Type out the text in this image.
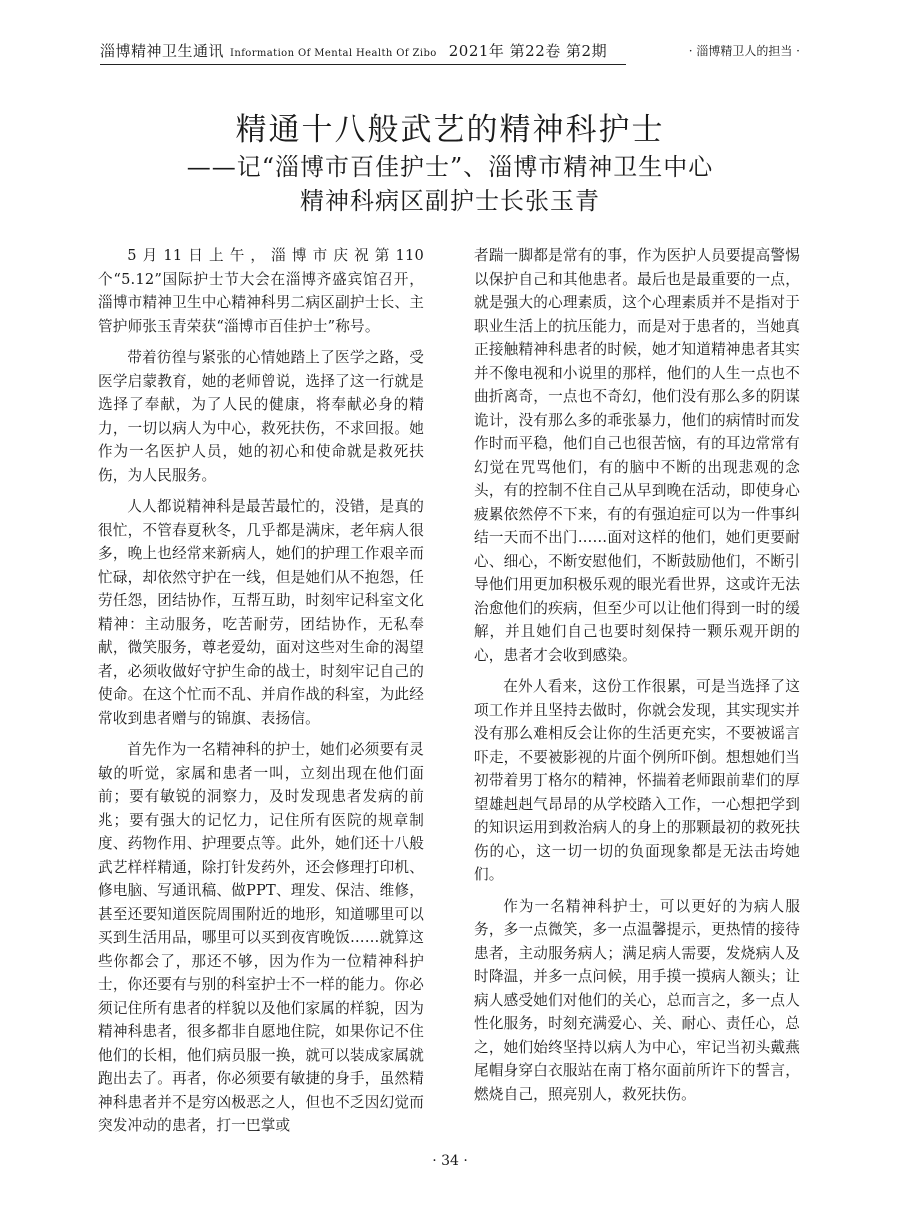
淄博精神卫生通讯 Information Of Mental Health Of Zibo 2021年 第22卷 第2期	· 淄博精卫人的担当 ·
精通十八般武艺的精神科护士
——记“淄博市百佳护士”、淄博市精神卫生中心
精神科病区副护士长张玉青

5月11日上午，淄博市庆祝第110个“5.12”国际护士节大会在淄博齐盛宾馆召开，淄博市精神卫生中心精神科男二病区副护士长、主管护师张玉青荣获“淄博市百佳护士”称号。

带着彷徨与紧张的心情她踏上了医学之路，受医学启蒙教育，她的老师曾说，选择了这一行就是选择了奉献，为了人民的健康，将奉献必身的精力，一切以病人为中心，救死扶伤，不求回报。她作为一名医护人员，她的初心和使命就是救死扶伤，为人民服务。

人人都说精神科是最苦最忙的，没错，是真的很忙，不管春夏秋冬，几乎都是满床，老年病人很多，晚上也经常来新病人，她们的护理工作艰辛而忙碌，却依然守护在一线，但是她们从不抱怨，任劳任怨，团结协作，互帮互助，时刻牢记科室文化精神：主动服务，吃苦耐劳，团结协作，无私奉献，微笑服务，尊老爱幼，面对这些对生命的渴望者，必须收做好守护生命的战士，时刻牢记自己的使命。在这个忙而不乱、并肩作战的科室，为此经常收到患者赠与的锦旗、表扬信。

首先作为一名精神科的护士，她们必须要有灵敏的听觉，家属和患者一叫，立刻出现在他们面前；要有敏锐的洞察力，及时发现患者发病的前兆；要有强大的记忆力，记住所有医院的规章制度、药物作用、护理要点等。此外，她们还十八般武艺样样精通，除打针发药外，还会修理打印机、修电脑、写通讯稿、做PPT、理发、保洁、维修，甚至还要知道医院周围附近的地形，知道哪里可以买到生活用品，哪里可以买到夜宵晚饭……就算这些你都会了，那还不够，因为作为一位精神科护士，你还要有与别的科室护士不一样的能力。你必须记住所有患者的样貌以及他们家属的样貌，因为精神科患者，很多都非自愿地住院，如果你记不住他们的长相，他们病员服一换，就可以装成家属就跑出去了。再者，你必须要有敏捷的身手，虽然精神科患者并不是穷凶极恶之人，但也不乏因幻觉而突发冲动的患者，打一巴掌或

者踹一脚都是常有的事，作为医护人员要提高警惕以保护自己和其他患者。最后也是最重要的一点，就是强大的心理素质，这个心理素质并不是指对于职业生活上的抗压能力，而是对于患者的，当她真正接触精神科患者的时候，她才知道精神患者其实并不像电视和小说里的那样，他们的人生一点也不曲折离奇，一点也不奇幻，他们没有那么多的阴谋诡计，没有那么多的乖张暴力，他们的病情时而发作时而平稳，他们自己也很苦恼，有的耳边常常有幻觉在咒骂他们，有的脑中不断的出现悲观的念头，有的控制不住自己从早到晚在活动，即使身心疲累依然停不下来，有的有强迫症可以为一件事纠结一天而不出门……面对这样的他们，她们更要耐心、细心，不断安慰他们，不断鼓励他们，不断引导他们用更加积极乐观的眼光看世界，这或许无法治愈他们的疾病，但至少可以让他们得到一时的缓解，并且她们自己也要时刻保持一颗乐观开朗的心，患者才会收到感染。

在外人看来，这份工作很累，可是当选择了这项工作并且坚持去做时，你就会发现，其实现实并没有那么难相反会让你的生活更充实，不要被谣言吓走，不要被影视的片面个例所吓倒。想想她们当初带着男丁格尔的精神，怀揣着老师跟前辈们的厚望雄赳赳气昂昂的从学校踏入工作，一心想把学到的知识运用到救治病人的身上的那颗最初的救死扶伤的心，这一切一切的负面现象都是无法击垮她们。

作为一名精神科护士，可以更好的为病人服务，多一点微笑，多一点温馨提示，更热情的接待患者，主动服务病人；满足病人需要，发烧病人及时降温，并多一点问候，用手摸一摸病人额头；让病人感受她们对他们的关心，总而言之，多一点人性化服务，时刻充满爱心、关、耐心、责任心，总之，她们始终坚持以病人为中心，牢记当初头戴燕尾帽身穿白衣服站在南丁格尔面前所许下的誓言，燃烧自己，照亮别人，救死扶伤。

· 34 ·
